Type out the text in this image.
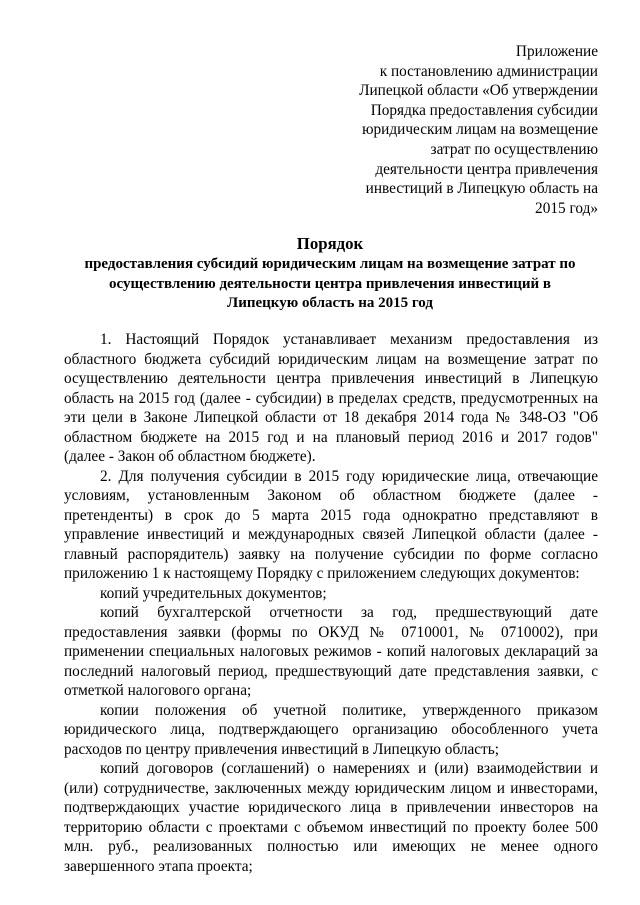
Приложение
к постановлению администрации
Липецкой области «Об утверждении
Порядка предоставления субсидии
юридическим лицам на возмещение
затрат по осуществлению
деятельности центра привлечения
инвестиций в Липецкую область на
2015 год»
Порядок
предоставления субсидий юридическим лицам на возмещение затрат по
осуществлению деятельности центра привлечения инвестиций в
Липецкую область на 2015 год

1. Настоящий Порядок устанавливает механизм предоставления из
областного бюджета субсидий юридическим лицам на возмещение затрат по
осуществлению деятельности центра привлечения инвестиций в Липецкую
область на 2015 год (далее - субсидии) в пределах средств, предусмотренных на
эти цели в Законе Липецкой области от 18 декабря 2014 года № 348-ОЗ "Об
областном бюджете на 2015 год и на плановый период 2016 и 2017 годов"
(далее - Закон об областном бюджете).

2. Для получения субсидии в 2015 году юридические лица, отвечающие
условиям, установленным Законом об областном бюджете (далее -
претенденты) в срок до 5 марта 2015 года однократно представляют в
управление инвестиций и международных связей Липецкой области (далее -
главный распорядитель) заявку на получение субсидии по форме согласно
приложению 1 к настоящему Порядку с приложением следующих документов:

копий учредительных документов;

копий бухгалтерской отчетности за год, предшествующий дате
предоставления заявки (формы по ОКУД № 0710001, № 0710002), при
применении специальных налоговых режимов - копий налоговых деклараций за
последний налоговый период, предшествующий дате представления заявки, с
отметкой налогового органа;

копии положения об учетной политике, утвержденного приказом
юридического лица, подтверждающего организацию обособленного учета
расходов по центру привлечения инвестиций в Липецкую область;

копий договоров (соглашений) о намерениях и (или) взаимодействии и
(или) сотрудничестве, заключенных между юридическим лицом и инвесторами,
подтверждающих участие юридического лица в привлечении инвесторов на
территорию области с проектами с объемом инвестиций по проекту более 500
млн. руб., реализованных полностью или имеющих не менее одного
завершенного этапа проекта;
